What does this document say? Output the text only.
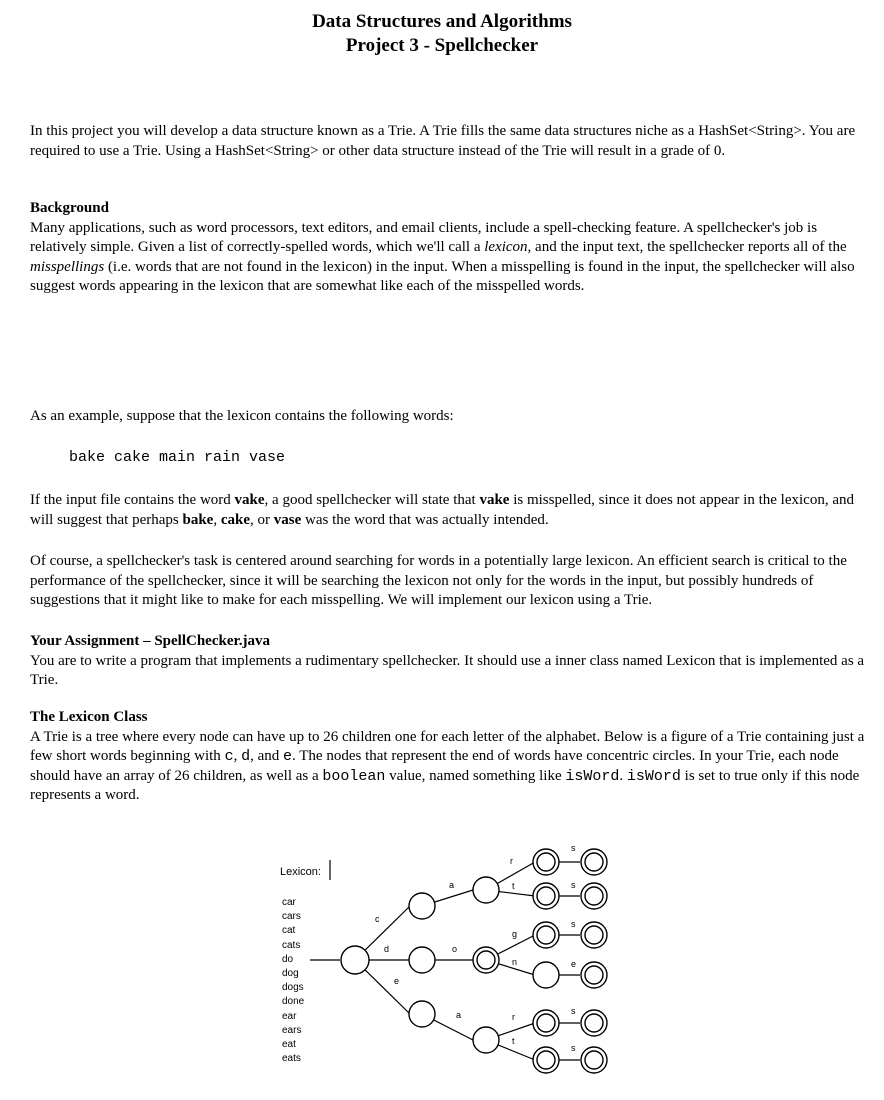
Data Structures and Algorithms
Project 3 - Spellchecker

In this project you will develop a data structure known as a Trie. A Trie fills the same data structures niche as a HashSet<String>. You are required to use a Trie. Using a HashSet<String> or other data structure instead of the Trie will result in a grade of 0.

Background
Many applications, such as word processors, text editors, and email clients, include a spell-checking feature. A spellchecker's job is relatively simple. Given a list of correctly-spelled words, which we'll call a lexicon, and the input text, the spellchecker reports all of the misspellings (i.e. words that are not found in the lexicon) in the input. When a misspelling is found in the input, the spellchecker will also suggest words appearing in the lexicon that are somewhat like each of the misspelled words.

As an example, suppose that the lexicon contains the following words:

bake cake main rain vase

If the input file contains the word vake, a good spellchecker will state that vake is misspelled, since it does not appear in the lexicon, and will suggest that perhaps bake, cake, or vase was the word that was actually intended.

Of course, a spellchecker's task is centered around searching for words in a potentially large lexicon. An efficient search is critical to the performance of the spellchecker, since it will be searching the lexicon not only for the words in the input, but possibly hundreds of suggestions that it might like to make for each misspelling. We will implement our lexicon using a Trie.

Your Assignment – SpellChecker.java
You are to write a program that implements a rudimentary spellchecker. It should use a inner class named Lexicon that is implemented as a Trie.
The Lexicon Class
A Trie is a tree where every node can have up to 26 children one for each letter of the alphabet. Below is a figure of a Trie containing just a few short words beginning with c, d, and e. The nodes that represent the end of words have concentric circles. In your Trie, each node should have an array of 26 children, as well as a boolean value, named something like isWord. isWord is set to true only if this node represents a word.
Lexicon:
car
cars
cat
cats
do
dog
dogs
done
ear
ears
eat
eats
c
d
e
a
o
a
r
t
g
n
r
t
s
s
s
e
s
s
